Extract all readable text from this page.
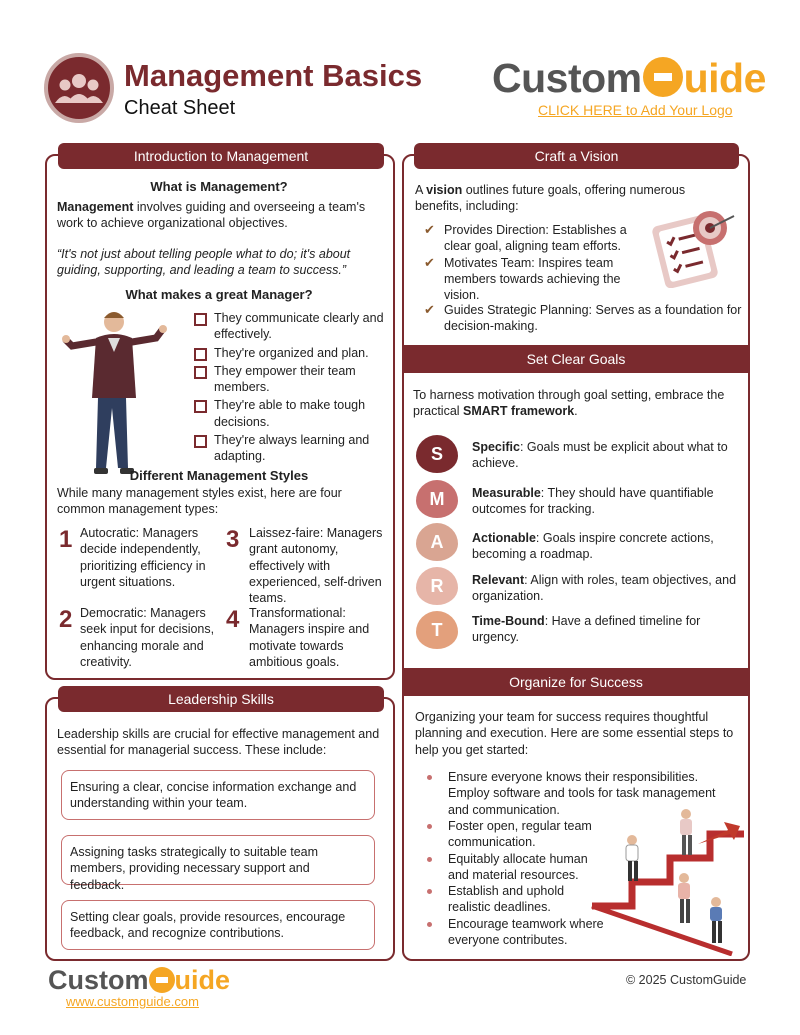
Management Basics
Cheat Sheet
Custom uide
CLICK HERE to Add Your Logo
Introduction to Management
What is Management?
Management involves guiding and overseeing a team's work to achieve organizational objectives.
“It's not just about telling people what to do; it's about guiding, supporting, and leading a team to success.”
What makes a great Manager?
They communicate clearly and effectively.
They're organized and plan.
They empower their team members.
They're able to make tough decisions.
They're always learning and adapting.
Different Management Styles
While many management styles exist, here are four common management types:
1 Autocratic: Managers decide independently, prioritizing efficiency in urgent situations.
2 Democratic: Managers seek input for decisions, enhancing morale and creativity.
3 Laissez-faire: Managers grant autonomy, effectively with experienced, self-driven teams.
4 Transformational: Managers inspire and motivate towards ambitious goals.
Leadership Skills
Leadership skills are crucial for effective management and essential for managerial success. These include:
Ensuring a clear, concise information exchange and understanding within your team.
Assigning tasks strategically to suitable team members, providing necessary support and feedback.
Setting clear goals, provide resources, encourage feedback, and recognize contributions.
Craft a Vision
A vision outlines future goals, offering numerous benefits, including:
✔ Provides Direction: Establishes a clear goal, aligning team efforts.
✔ Motivates Team: Inspires team members towards achieving the vision.
✔ Guides Strategic Planning: Serves as a foundation for decision-making.
Set Clear Goals
To harness motivation through goal setting, embrace the practical SMART framework.
S	Specific: Goals must be explicit about what to achieve.
M	Measurable: They should have quantifiable outcomes for tracking.
A	Actionable: Goals inspire concrete actions, becoming a roadmap.
R	Relevant: Align with roles, team objectives, and organization.
T	Time-Bound: Have a defined timeline for urgency.
Organize for Success
Organizing your team for success requires thoughtful planning and execution. Here are some essential steps to help you get started:
Ensure everyone knows their responsibilities. Employ software and tools for task management and communication.
Foster open, regular team communication.
Equitably allocate human and material resources.
Establish and uphold realistic deadlines.
Encourage teamwork where everyone contributes.
Custom uide
www.customguide.com
© 2025 CustomGuide
